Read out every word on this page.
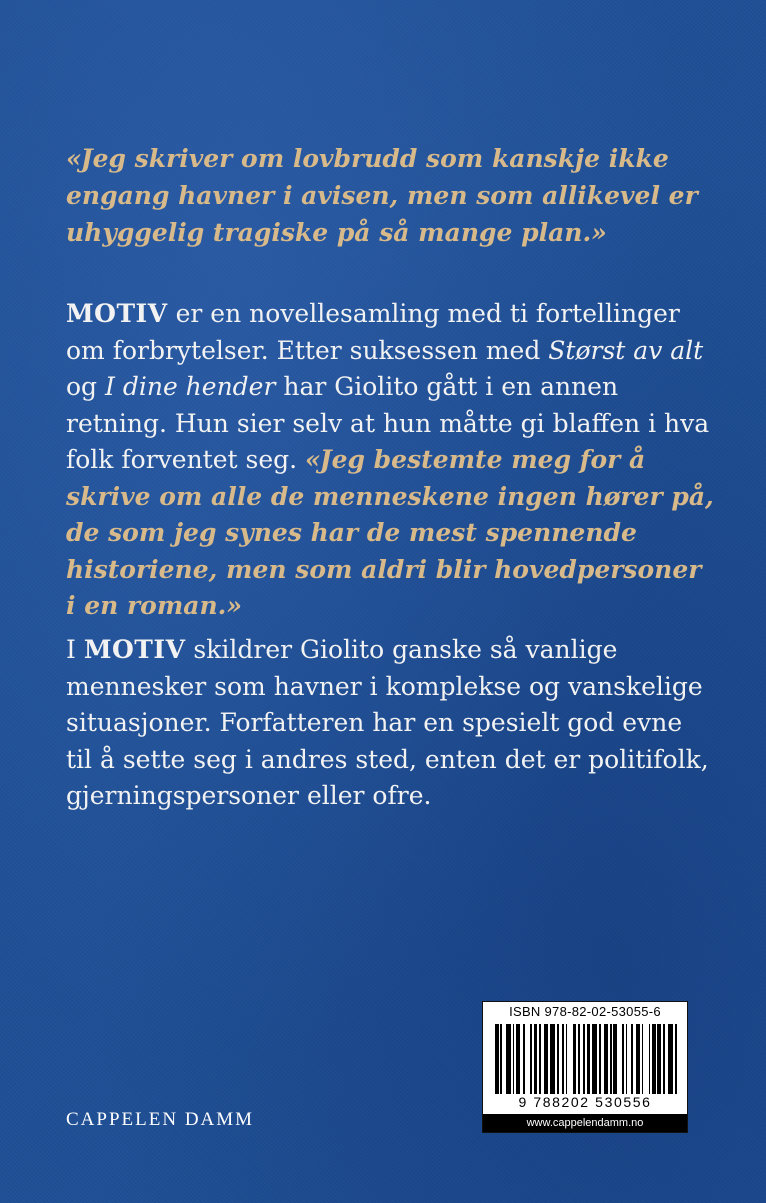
«Jeg skriver om lovbrudd som kanskje ikke engang havner i avisen, men som allikevel er uhyggelig tragiske på så mange plan.»

MOTIV er en novellesamling med ti fortellinger om forbrytelser. Etter suksessen med Størst av alt og I dine hender har Giolito gått i en annen retning. Hun sier selv at hun måtte gi blaffen i hva folk forventet seg. «Jeg bestemte meg for å skrive om alle de menneskene ingen hører på, de som jeg synes har de mest spennende historiene, men som aldri blir hovedpersoner i en roman.»

I MOTIV skildrer Giolito ganske så vanlige mennesker som havner i komplekse og vanskelige situasjoner. Forfatteren har en spesielt god evne til å sette seg i andres sted, enten det er politifolk, gjerningspersoner eller ofre.

CAPPELEN DAMM
ISBN 978-82-02-53055-6
9 788202 530556
www.cappelendamm.no
